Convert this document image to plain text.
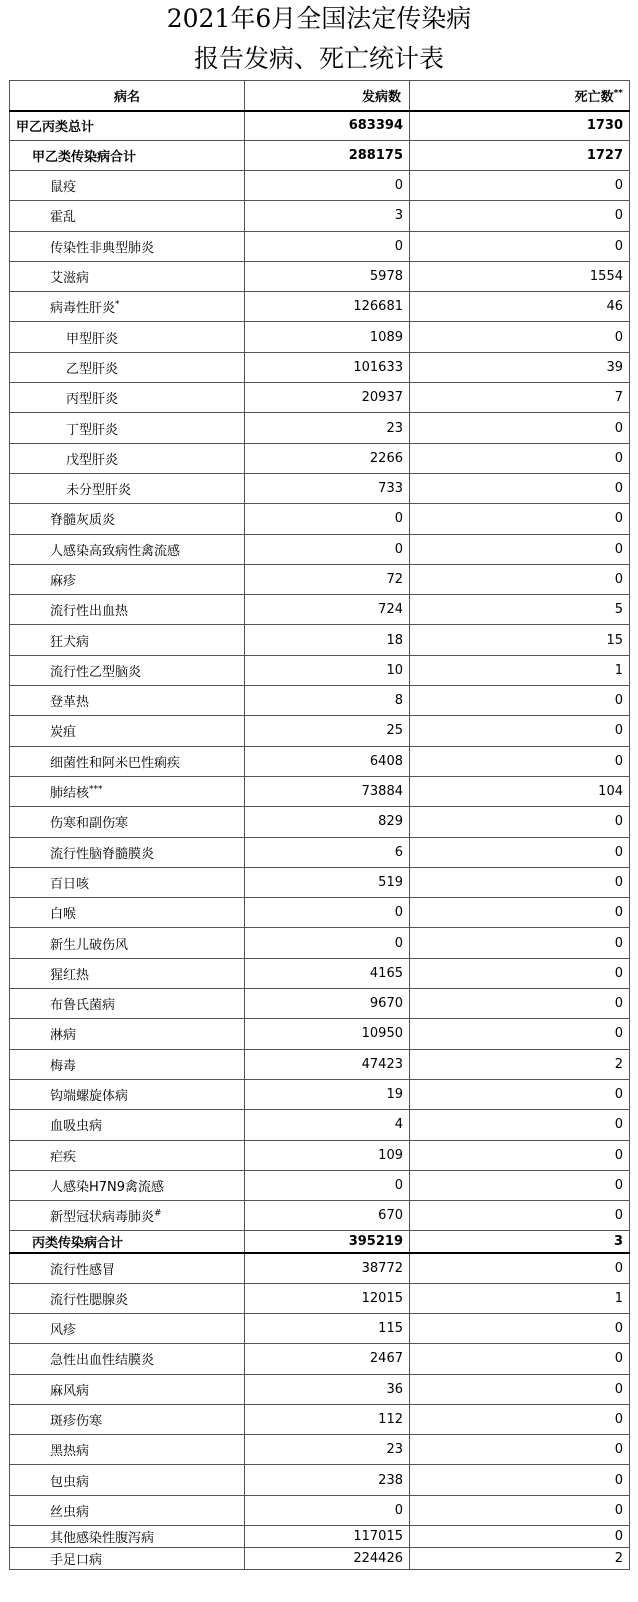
2021年6月全国法定传染病
报告发病、死亡统计表
病名	发病数	死亡数**
甲乙丙类总计	683394	1730
甲乙类传染病合计	288175	1727
鼠疫	0	0
霍乱	3	0
传染性非典型肺炎	0	0
艾滋病	5978	1554
病毒性肝炎*	126681	46
甲型肝炎	1089	0
乙型肝炎	101633	39
丙型肝炎	20937	7
丁型肝炎	23	0
戊型肝炎	2266	0
未分型肝炎	733	0
脊髓灰质炎	0	0
人感染高致病性禽流感	0	0
麻疹	72	0
流行性出血热	724	5
狂犬病	18	15
流行性乙型脑炎	10	1
登革热	8	0
炭疽	25	0
细菌性和阿米巴性痢疾	6408	0
肺结核***	73884	104
伤寒和副伤寒	829	0
流行性脑脊髓膜炎	6	0
百日咳	519	0
白喉	0	0
新生儿破伤风	0	0
猩红热	4165	0
布鲁氏菌病	9670	0
淋病	10950	0
梅毒	47423	2
钩端螺旋体病	19	0
血吸虫病	4	0
疟疾	109	0
人感染H7N9禽流感	0	0
新型冠状病毒肺炎#	670	0
丙类传染病合计	395219	3
流行性感冒	38772	0
流行性腮腺炎	12015	1
风疹	115	0
急性出血性结膜炎	2467	0
麻风病	36	0
斑疹伤寒	112	0
黑热病	23	0
包虫病	238	0
丝虫病	0	0
其他感染性腹泻病	117015	0
手足口病	224426	2
